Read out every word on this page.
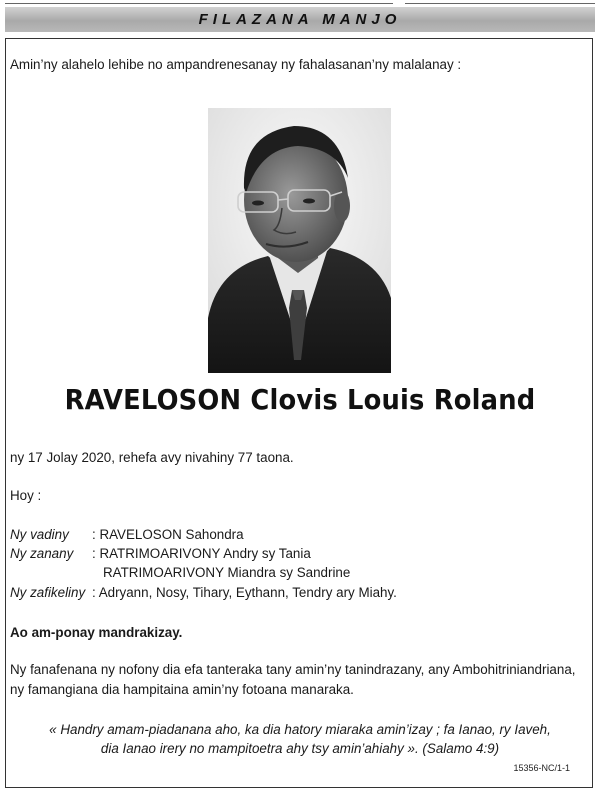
FILAZANA MANJO
Amin’ny alahelo lehibe no ampandrenesanay ny fahalasanan’ny malalanay :
RAVELOSON Clovis Louis Roland
ny 17 Jolay 2020, rehefa avy nivahiny 77 taona.
Hoy :
Ny vadiny : RAVELOSON Sahondra
Ny zanany : RATRIMOARIVONY Andry sy Tania
RATRIMOARIVONY Miandra sy Sandrine
Ny zafikeliny : Adryann, Nosy, Tihary, Eythann, Tendry ary Miahy.
Ao am-ponay mandrakizay.
Ny fanafenana ny nofony dia efa tanteraka tany amin’ny tanindrazany, any Ambohitriniandriana,
ny famangiana dia hampitaina amin’ny fotoana manaraka.
« Handry amam-piadanana aho, ka dia hatory miaraka amin’izay ; fa Ianao, ry Iaveh,
dia Ianao irery no mampitoetra ahy tsy amin’ahiahy ». (Salamo 4:9)
15356-NC/1-1
